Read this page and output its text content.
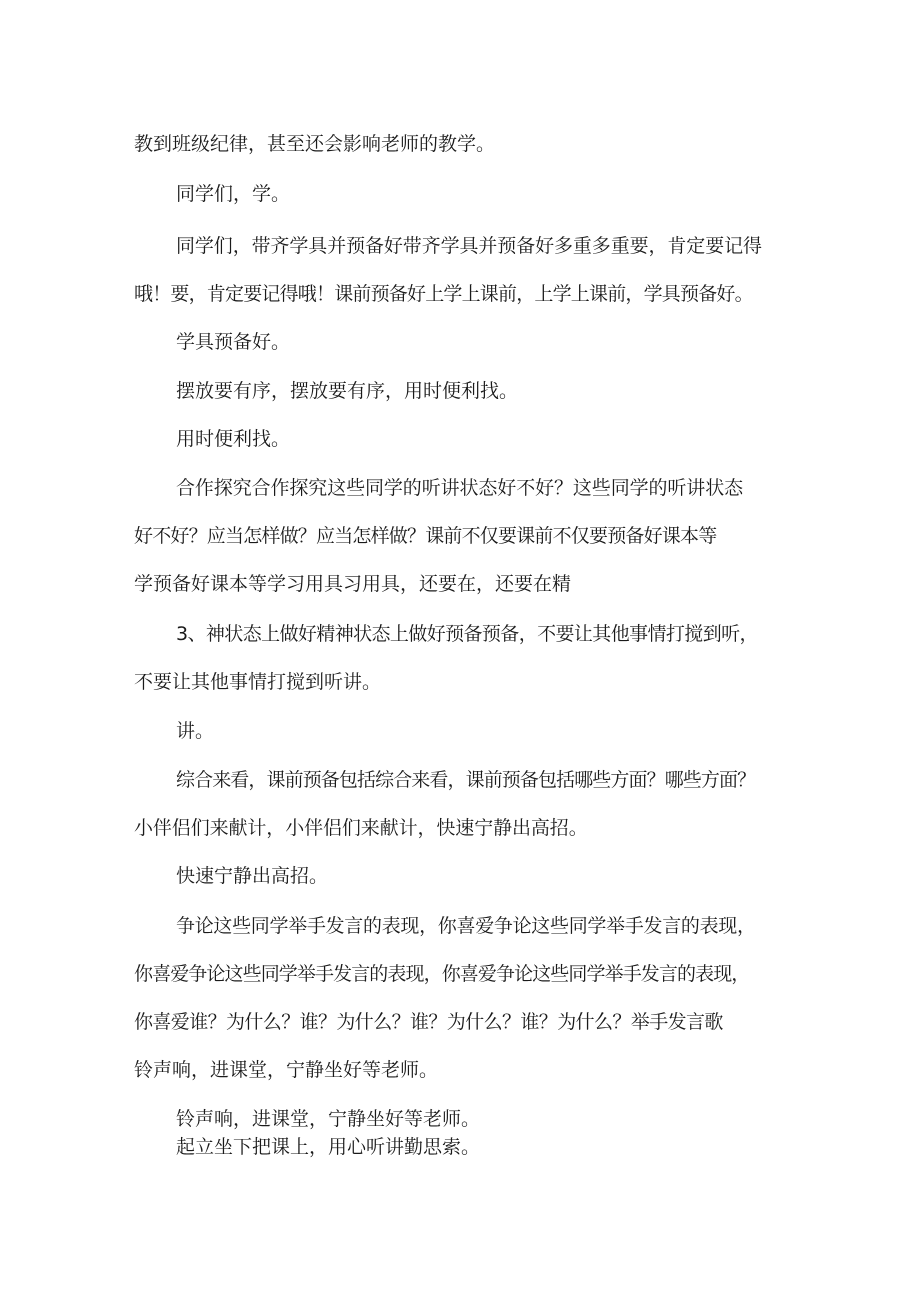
教到班级纪律，甚至还会影响老师的教学。
同学们，学。
同学们，带齐学具并预备好带齐学具并预备好多重多重要，肯定要记得
哦！要，肯定要记得哦！课前预备好上学上课前，上学上课前，学具预备好。
学具预备好。
摆放要有序，摆放要有序，用时便利找。
用时便利找。
合作探究合作探究这些同学的听讲状态好不好？这些同学的听讲状态
好不好？应当怎样做？应当怎样做？课前不仅要课前不仅要预备好课本等
学预备好课本等学习用具习用具，还要在，还要在精
3、神状态上做好精神状态上做好预备预备，不要让其他事情打搅到听，
不要让其他事情打搅到听讲。
讲。
综合来看，课前预备包括综合来看，课前预备包括哪些方面？哪些方面？
小伴侣们来献计，小伴侣们来献计，快速宁静出高招。
快速宁静出高招。
争论这些同学举手发言的表现，你喜爱争论这些同学举手发言的表现，
你喜爱争论这些同学举手发言的表现，你喜爱争论这些同学举手发言的表现，
你喜爱谁？为什么？谁？为什么？谁？为什么？谁？为什么？举手发言歌
铃声响，进课堂，宁静坐好等老师。
铃声响，进课堂，宁静坐好等老师。
起立坐下把课上，用心听讲勤思索。
